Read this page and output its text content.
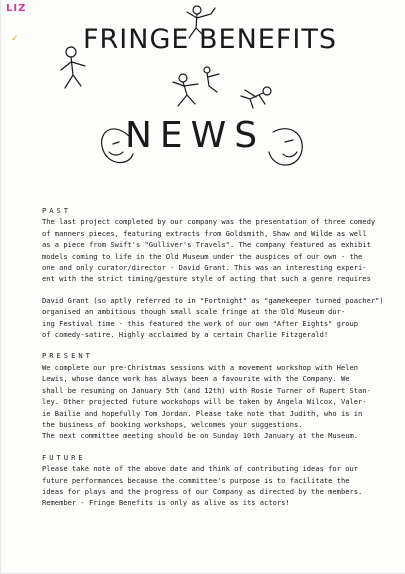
LIZ
✓ FRINGE BENEFITS
NEWS

PAST

The last project completed by our company was the presentation of three comedy
of manners pieces, featuring extracts from Goldsmith, Shaw and Wilde as well
as a piece from Swift's "Gulliver's Travels". The company featured as exhibit
models coming to life in the Old Museum under the auspices of our own - the
one and only curator/director - David Grant. This was an interesting experi-
ent with the strict timing/gesture style of acting that such a genre requires

David Grant (so aptly referred to in "Fortnight" as "gamekeeper turned poacher")
organised an ambitious though small scale fringe at the Old Museum dur-
ing Festival time - this featured the work of our own "After Eights" group
of comedy-satire. Highly acclaimed by a certain Charlie Fitzgerald!

PRESENT

We complete our pre-Christmas sessions with a movement workshop with Helen
Lewis, whose dance work has always been a favourite with the Company. We
shall be resuming on January 5th (and 12th) with Rosie Turner of Rupert Stan-
ley. Other projected future workshops will be taken by Angela Wilcox, Valer-
ie Bailie and hopefully Tom Jordan. Please take note that Judith, who is in
the business of booking workshops, welcomes your suggestions.
The next committee meeting should be on Sunday 10th January at the Museum.

FUTURE

Please take note of the above date and think of contributing ideas for our
future performances because the committee's purpose is to facilitate the
ideas for plays and the progress of our Company as directed by the members.
Remember - Fringe Benefits is only as alive as its actors!
